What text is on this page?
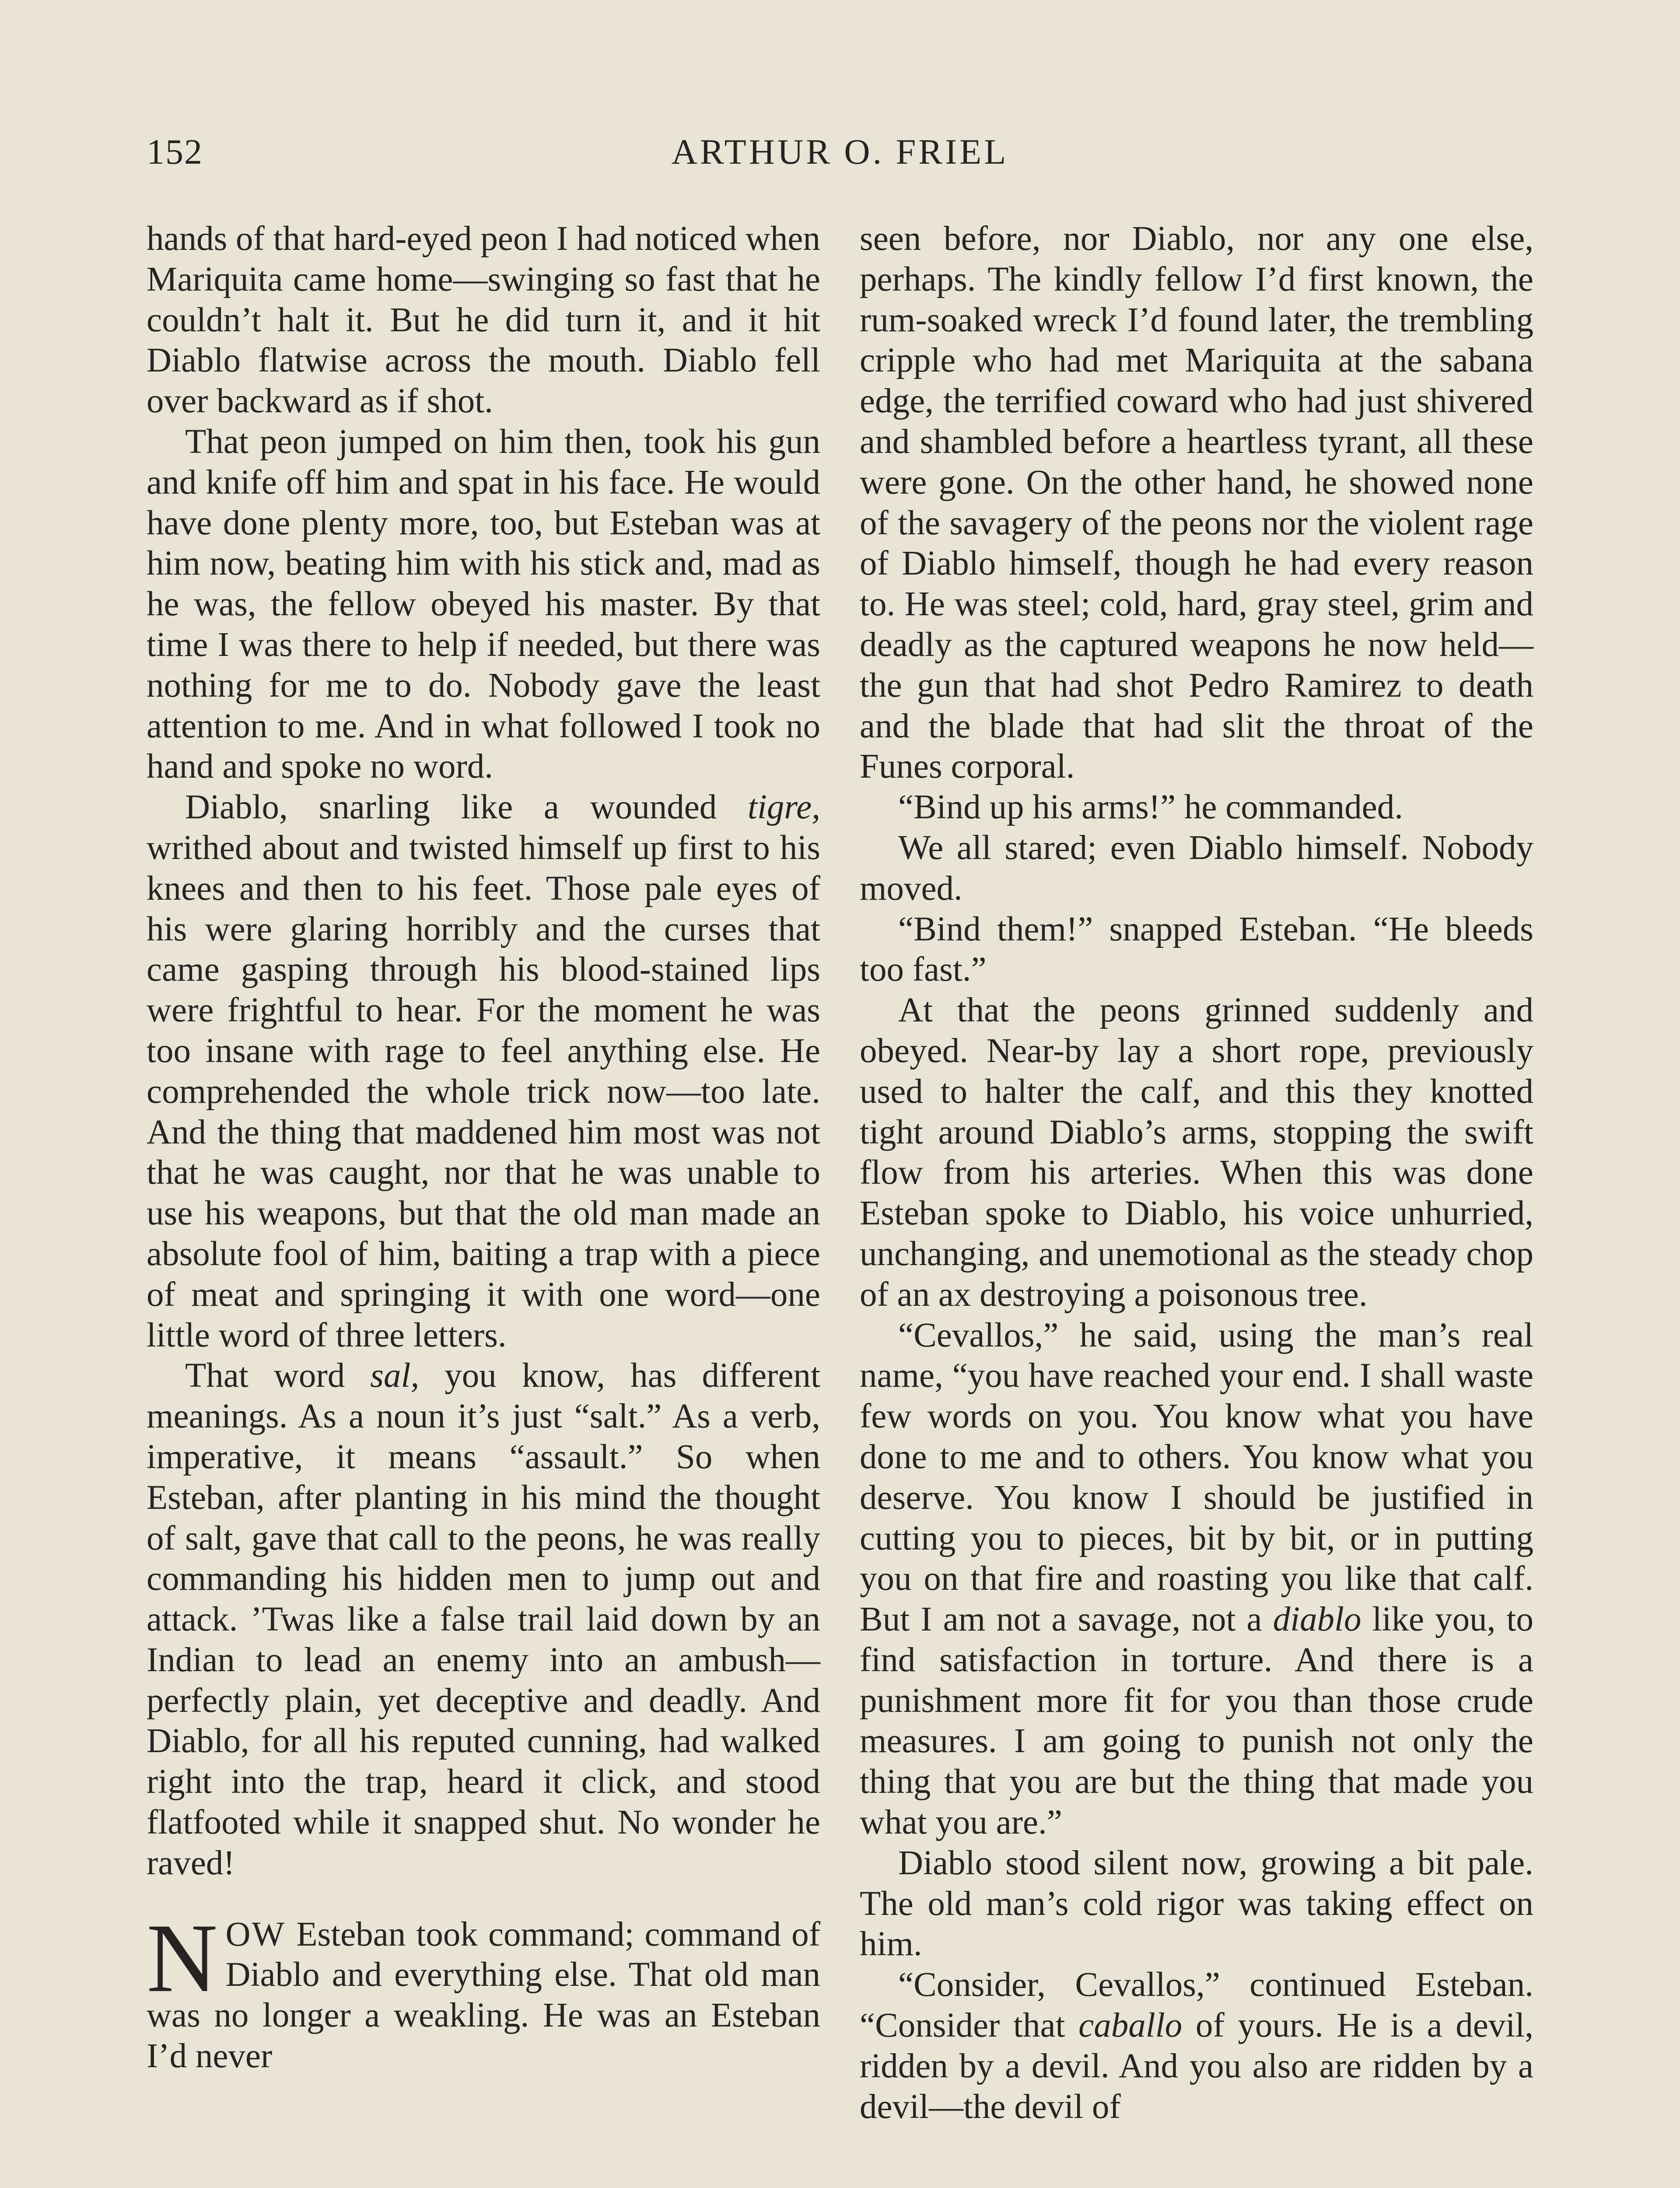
152	ARTHUR O. FRIEL

hands of that hard-eyed peon I had noticed when Mariquita came home—swinging so fast that he couldn’t halt it. But he did turn it, and it hit Diablo flatwise across the mouth. Diablo fell over backward as if shot.

That peon jumped on him then, took his gun and knife off him and spat in his face. He would have done plenty more, too, but Esteban was at him now, beating him with his stick and, mad as he was, the fellow obeyed his master. By that time I was there to help if needed, but there was nothing for me to do. Nobody gave the least attention to me. And in what followed I took no hand and spoke no word.

Diablo, snarling like a wounded tigre, writhed about and twisted himself up first to his knees and then to his feet. Those pale eyes of his were glaring horribly and the curses that came gasping through his blood-stained lips were frightful to hear. For the moment he was too insane with rage to feel anything else. He comprehended the whole trick now—too late. And the thing that maddened him most was not that he was caught, nor that he was unable to use his weapons, but that the old man made an absolute fool of him, baiting a trap with a piece of meat and springing it with one word—one little word of three letters.

That word sal, you know, has different meanings. As a noun it’s just “salt.” As a verb, imperative, it means “assault.” So when Esteban, after planting in his mind the thought of salt, gave that call to the peons, he was really commanding his hidden men to jump out and attack. ’Twas like a false trail laid down by an Indian to lead an enemy into an ambush—perfectly plain, yet deceptive and deadly. And Diablo, for all his reputed cunning, had walked right into the trap, heard it click, and stood flatfooted while it snapped shut. No wonder he raved!

NOW Esteban took command; command of Diablo and everything else. That old man was no longer a weakling. He was an Esteban I’d never

seen before, nor Diablo, nor any one else, perhaps. The kindly fellow I’d first known, the rum-soaked wreck I’d found later, the trembling cripple who had met Mariquita at the sabana edge, the terrified coward who had just shivered and shambled before a heartless tyrant, all these were gone. On the other hand, he showed none of the savagery of the peons nor the violent rage of Diablo himself, though he had every reason to. He was steel; cold, hard, gray steel, grim and deadly as the captured weapons he now held—the gun that had shot Pedro Ramirez to death and the blade that had slit the throat of the Funes corporal.

“Bind up his arms!” he commanded.

We all stared; even Diablo himself. Nobody moved.

“Bind them!” snapped Esteban. “He bleeds too fast.”

At that the peons grinned suddenly and obeyed. Near-by lay a short rope, previously used to halter the calf, and this they knotted tight around Diablo’s arms, stopping the swift flow from his arteries. When this was done Esteban spoke to Diablo, his voice unhurried, unchanging, and unemotional as the steady chop of an ax destroying a poisonous tree.

“Cevallos,” he said, using the man’s real name, “you have reached your end. I shall waste few words on you. You know what you have done to me and to others. You know what you deserve. You know I should be justified in cutting you to pieces, bit by bit, or in putting you on that fire and roasting you like that calf. But I am not a savage, not a diablo like you, to find satisfaction in torture. And there is a punishment more fit for you than those crude measures. I am going to punish not only the thing that you are but the thing that made you what you are.”

Diablo stood silent now, growing a bit pale. The old man’s cold rigor was taking effect on him.

“Consider, Cevallos,” continued Esteban. “Consider that caballo of yours. He is a devil, ridden by a devil. And you also are ridden by a devil—the devil of
